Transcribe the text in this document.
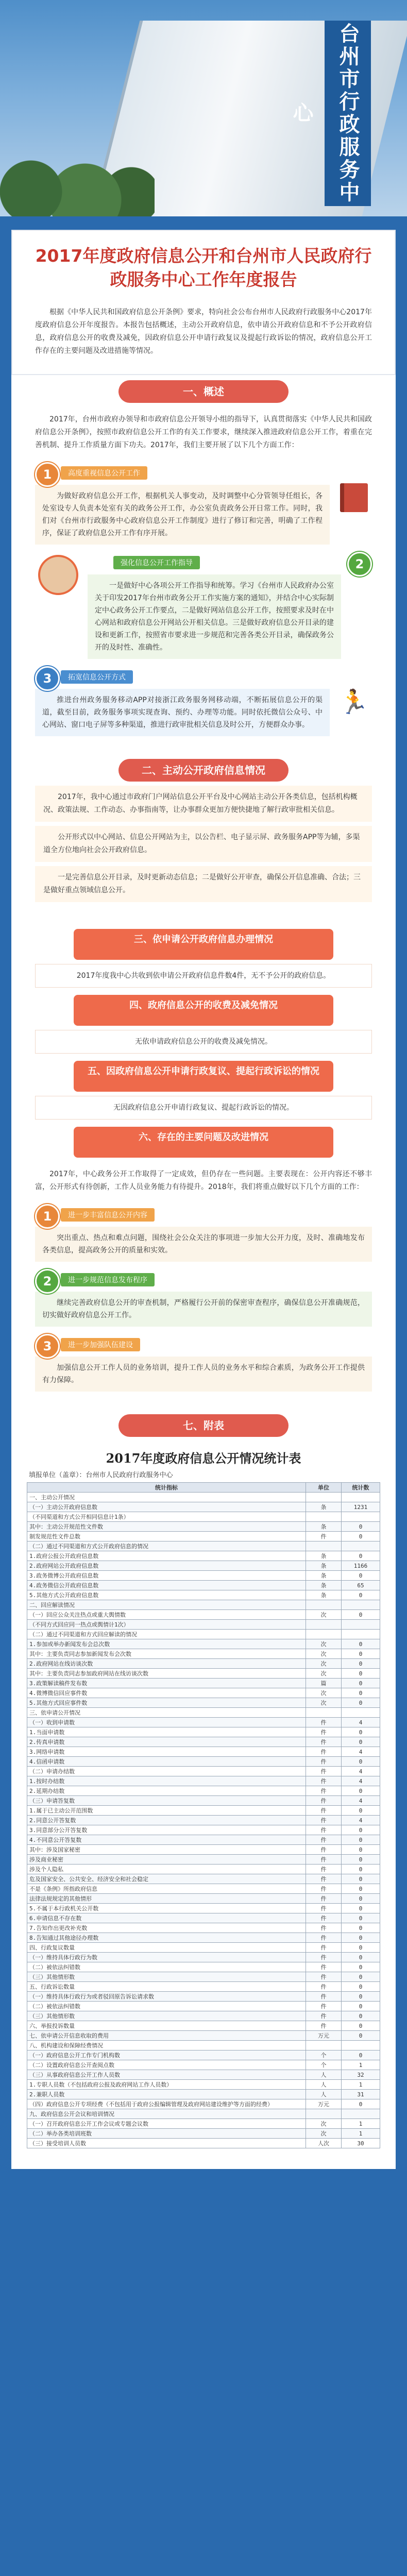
台州市行政服务中心
2017年度政府信息公开和台州市人民政府行政服务中心工作年度报告

根据《中华人民共和国政府信息公开条例》要求，特向社会公布台州市人民政府行政服务中心2017年度政府信息公开年度报告。本报告包括概述，主动公开政府信息，依申请公开政府信息和不予公开政府信息，政府信息公开的收费及减免，因政府信息公开申请行政复议及提起行政诉讼的情况，政府信息公开工作存在的主要问题及改进措施等情况。

一、概述

2017年，台州市政府办领导和市政府信息公开领导小组的指导下，认真贯彻落实《中华人民共和国政府信息公开条例》，按照市政府信息公开工作的有关工作要求，继续深入推进政府信息公开工作，着重在完善机制、提升工作质量方面下功夫。2017年，我们主要开展了以下几个方面工作：

1	高度重视信息公开工作

为做好政府信息公开工作，根据机关人事变动，及时调整中心分管领导任组长，各处室设专人负责本处室有关的政务公开工作，办公室负责政务公开日常工作。同时，我们对《台州市行政服务中心政府信息公开工作制度》进行了修订和完善，明确了工作程序，保证了政府信息公开工作有序开展。

强化信息公开工作指导

一是做好中心各项公开工作指导和统筹。学习《台州市人民政府办公室关于印发2017年台州市政务公开工作实施方案的通知》，并结合中心实际制定中心政务公开工作要点，二是做好网站信息公开工作，按照要求及时在中心网站和政府信息公开网站公开相关信息。三是做好政府信息公开目录的建设和更新工作，按照省市要求进一步规范和完善各类公开目录，确保政务公开的及时性、准确性。

2
3	拓宽信息公开方式

推进台州政务服务移动APP对接浙江政务服务网移动端，不断拓展信息公开的渠道，截至目前，政务服务事项实现查询、预约、办理等功能。同时依托微信公众号、中心网站、窗口电子屏等多种渠道，推进行政审批相关信息及时公开，方便群众办事。

🏃
二、主动公开政府信息情况

2017年，我中心通过市政府门户网站信息公开平台及中心网站主动公开各类信息，包括机构概况、政策法规、工作动态、办事指南等，让办事群众更加方便快捷地了解行政审批相关信息。

公开形式以中心网站、信息公开网站为主，以公告栏、电子显示屏、政务服务APP等为辅，多渠道全方位地向社会公开政府信息。

一是完善信息公开目录，及时更新动态信息；二是做好公开审查，确保公开信息准确、合法；三是做好重点领域信息公开。

三、依申请公开政府信息办理情况

2017年度我中心共收到依申请公开政府信息件数4件，无不予公开的政府信息。

四、政府信息公开的收费及减免情况

无依申请政府信息公开的收费及减免情况。

五、因政府信息公开申请行政复议、提起行政诉讼的情况

无因政府信息公开申请行政复议、提起行政诉讼的情况。

六、存在的主要问题及改进情况

2017年，中心政务公开工作取得了一定成效，但仍存在一些问题。主要表现在：公开内容还不够丰富，公开形式有待创新，工作人员业务能力有待提升。2018年，我们将重点做好以下几个方面的工作：

1	进一步丰富信息公开内容

突出重点、热点和难点问题，围绕社会公众关注的事项进一步加大公开力度，及时、准确地发布各类信息，提高政务公开的质量和实效。

2	进一步规范信息发布程序

继续完善政府信息公开的审查机制，严格履行公开前的保密审查程序，确保信息公开准确规范，切实做好政府信息公开工作。

3	进一步加强队伍建设

加强信息公开工作人员的业务培训，提升工作人员的业务水平和综合素质，为政务公开工作提供有力保障。

七、附表
2017年度政府信息公开情况统计表
填报单位（盖章）：台州市人民政府行政服务中心
统计指标	单位	统计数
一、主动公开情况		
（一）主动公开政府信息数	条	1231
（不同渠道和方式公开相同信息计1条）		
其中：主动公开规范性文件数	条	0
制发规范性文件总数	件	0
（二）通过不同渠道和方式公开政府信息的情况		
1.政府公报公开政府信息数	条	0
2.政府网站公开政府信息数	条	1166
3.政务微博公开政府信息数	条	0
4.政务微信公开政府信息数	条	65
5.其他方式公开政府信息数	条	0
二、回应解读情况		
（一）回应公众关注热点或重大舆情数	次	0
（不同方式回应同一热点或舆情计1次）		
（二）通过不同渠道和方式回应解读的情况		
1.参加或举办新闻发布会总次数	次	0
其中：主要负责同志参加新闻发布会次数	次	0
2.政府网站在线访谈次数	次	0
其中：主要负责同志参加政府网站在线访谈次数	次	0
3.政策解读稿件发布数	篇	0
4.微博微信回应事件数	次	0
5.其他方式回应事件数	次	0
三、依申请公开情况		
（一）收到申请数	件	4
1.当面申请数	件	0
2.传真申请数	件	0
3.网络申请数	件	4
4.信函申请数	件	0
（二）申请办结数	件	4
1.按时办结数	件	4
2.延期办结数	件	0
（三）申请答复数	件	4
1.属于已主动公开范围数	件	0
2.同意公开答复数	件	4
3.同意部分公开答复数	件	0
4.不同意公开答复数	件	0
其中：涉及国家秘密	件	0
涉及商业秘密	件	0
涉及个人隐私	件	0
危及国家安全、公共安全、经济安全和社会稳定	件	0
不是《条例》所指政府信息	件	0
法律法规规定的其他情形	件	0
5.不属于本行政机关公开数	件	0
6.申请信息不存在数	件	0
7.告知作出更改补充数	件	0
8.告知通过其他途径办理数	件	0
四、行政复议数量	件	0
（一）维持具体行政行为数	件	0
（二）被依法纠错数	件	0
（三）其他情形数	件	0
五、行政诉讼数量	件	0
（一）维持具体行政行为或者驳回原告诉讼请求数	件	0
（二）被依法纠错数	件	0
（三）其他情形数	件	0
六、举报投诉数量	件	0
七、依申请公开信息收取的费用	万元	0
八、机构建设和保障经费情况		
（一）政府信息公开工作专门机构数	个	0
（二）设置政府信息公开查阅点数	个	1
（三）从事政府信息公开工作人员数	人	32
1.专职人员数（不包括政府公报及政府网站工作人员数）	人	1
2.兼职人员数	人	31
（四）政府信息公开专项经费（不包括用于政府公报编辑管理及政府网站建设维护等方面的经费）	万元	0
九、政府信息公开会议和培训情况		
（一）召开政府信息公开工作会议或专题会议数	次	1
（二）举办各类培训班数	次	1
（三）接受培训人员数	人次	30
